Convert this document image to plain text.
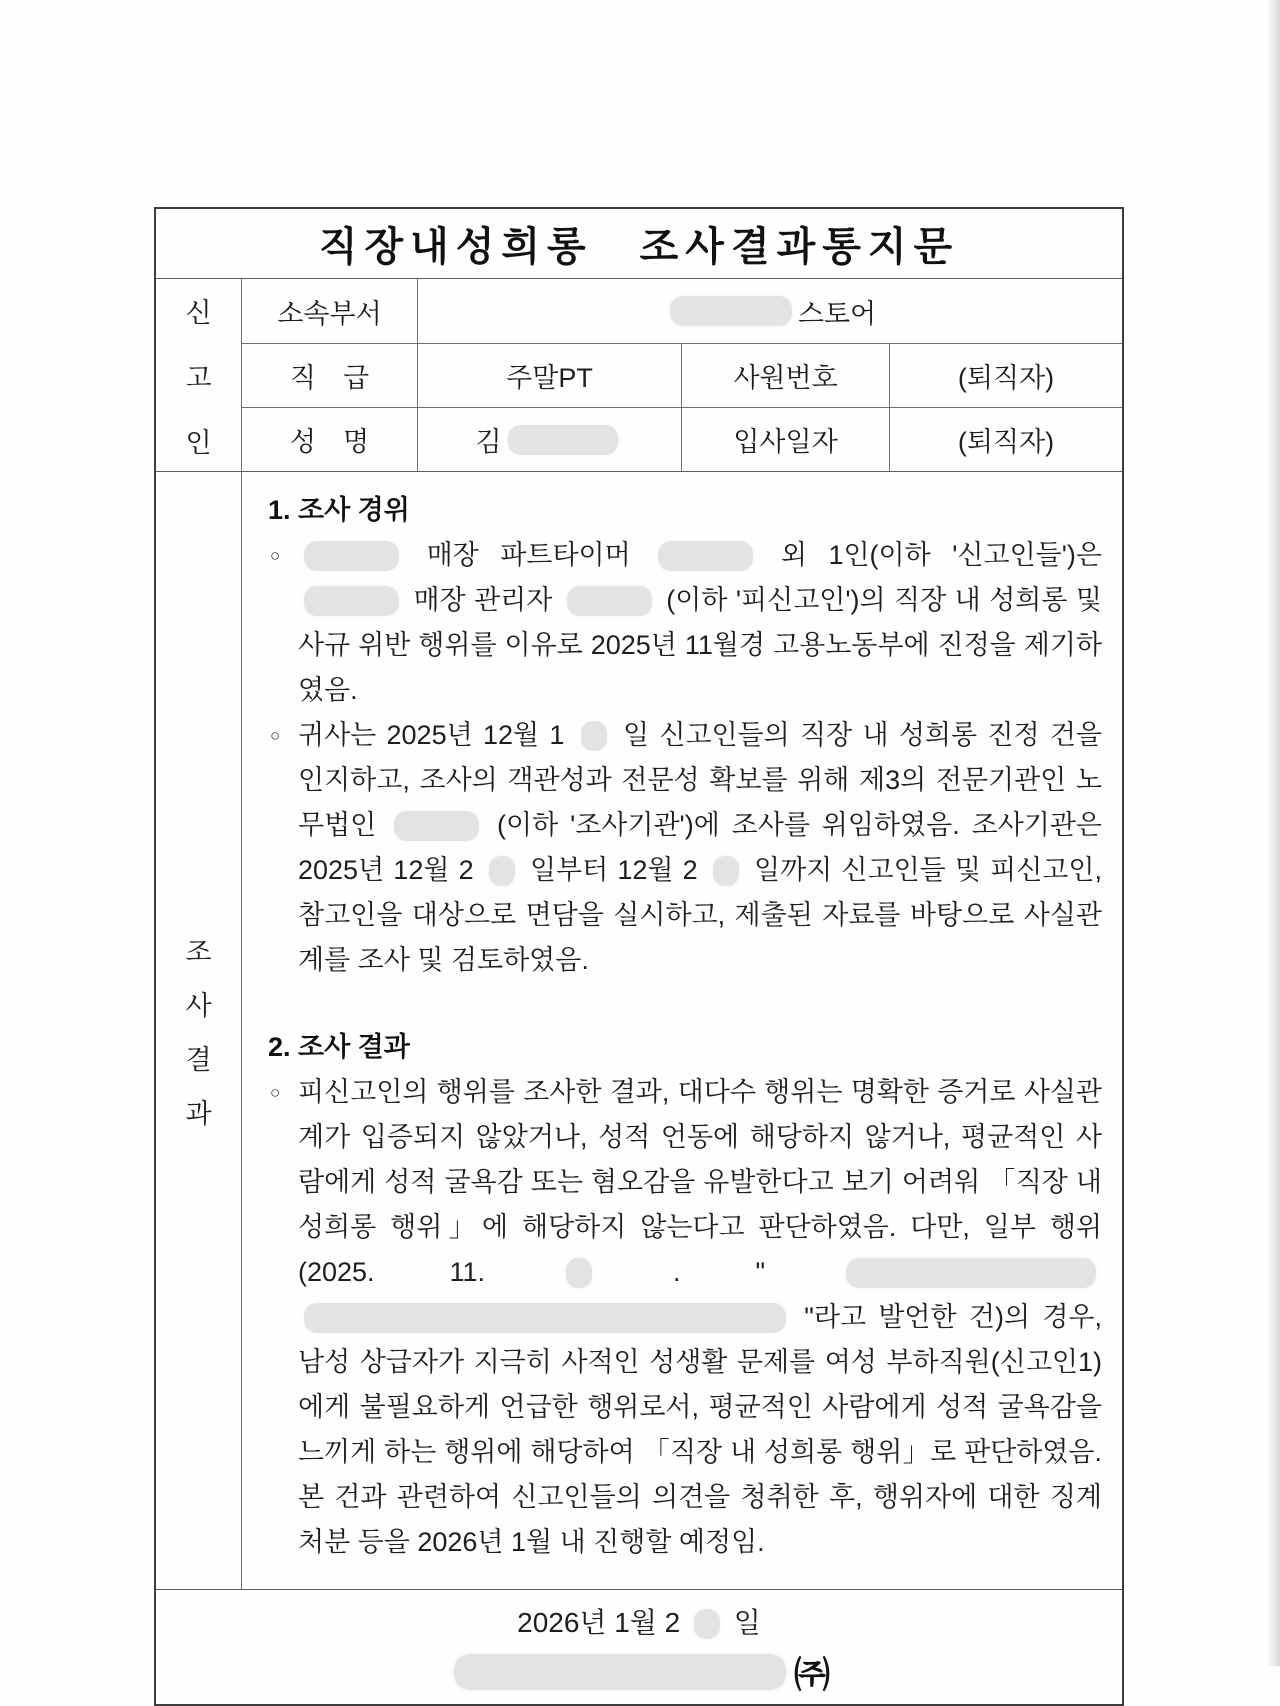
직장내성희롱　조사결과통지문
신
고
인
소속부서	스토어
직　급	주말PT	사원번호	(퇴직자)
성　명	김	입사일자	(퇴직자)
조
사
결
과
1. 조사 경위

○	매장 파트타이머	외 1인(이하 '신고인들')은  매장 관리자	(이하 '피신고인')의 직장 내 성희롱 및 사규 위반 행위를 이유로 2025년 11월경 고용노동부에 진정을 제기하였음.

○ 귀사는 2025년 12월 1 일 신고인들의 직장 내 성희롱 진정 건을 인지하고, 조사의 객관성과 전문성 확보를 위해 제3의 전문기관인 노무법인	(이하 '조사기관')에 조사를 위임하였음. 조사기관은 2025년 12월 2 일부터 12월 2 일까지 신고인들 및 피신고인, 참고인을 대상으로 면담을 실시하고, 제출된 자료를 바탕으로 사실관계를 조사 및 검토하였음.

2. 조사 결과

○ 피신고인의 행위를 조사한 결과, 대다수 행위는 명확한 증거로 사실관계가 입증되지 않았거나, 성적 언동에 해당하지 않거나, 평균적인 사람에게 성적 굴욕감 또는 혐오감을 유발한다고 보기 어려워 「직장 내 성희롱 행위」에 해당하지 않는다고 판단하였음. 다만, 일부 행위(2025. 11.	. "   "라고 발언한 건)의 경우, 남성 상급자가 지극히 사적인 성생활 문제를 여성 부하직원(신고인1)에게 불필요하게 언급한 행위로서, 평균적인 사람에게 성적 굴욕감을 느끼게 하는 행위에 해당하여 「직장 내 성희롱 행위」로 판단하였음. 본 건과 관련하여 신고인들의 의견을 청취한 후, 행위자에 대한 징계처분 등을 2026년 1월 내 진행할 예정임.

2026년 1월 2 일
㈜
